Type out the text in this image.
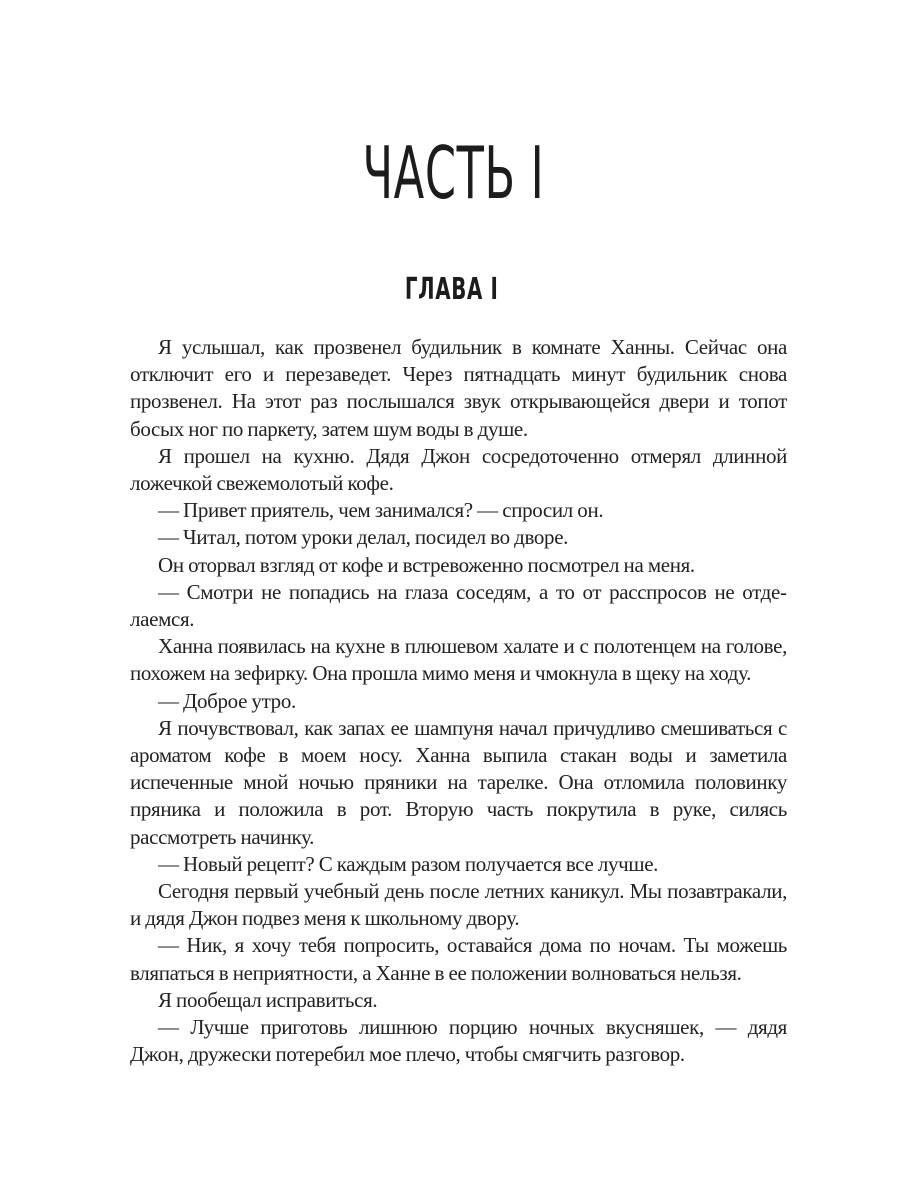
ЧАСТЬ I
ГЛАВА I

Я услышал, как прозвенел будильник в комнате Ханны. Сейчас она отключит его и перезаведет. Через пятнадцать минут будильник снова прозвенел. На этот раз послышался звук открывающейся двери и топот босых ног по паркету, затем шум воды в душе.

Я прошел на кухню. Дядя Джон сосредоточенно отмерял длинной ложечкой свежемолотый кофе.

— Привет приятель, чем занимался? — спросил он.

— Читал, потом уроки делал, посидел во дворе.

Он оторвал взгляд от кофе и встревоженно посмотрел на меня.

— Смотри не попадись на глаза соседям, а то от расспросов не отделаемся.

Ханна появилась на кухне в плюшевом халате и с полотенцем на голове, похожем на зефирку. Она прошла мимо меня и чмокнула в щеку на ходу.

— Доброе утро.

Я почувствовал, как запах ее шампуня начал причудливо смешиваться с ароматом кофе в моем носу. Ханна выпила стакан воды и заметила испеченные мной ночью пряники на тарелке. Она отломила половинку пряника и положила в рот. Вторую часть покрутила в руке, силясь рассмотреть начинку.

— Новый рецепт? С каждым разом получается все лучше.

Сегодня первый учебный день после летних каникул. Мы позавтракали, и дядя Джон подвез меня к школьному двору.

— Ник, я хочу тебя попросить, оставайся дома по ночам. Ты можешь вляпаться в неприятности, а Ханне в ее положении волноваться нельзя.

Я пообещал исправиться.

— Лучше приготовь лишнюю порцию ночных вкусняшек, — дядя Джон, дружески потеребил мое плечо, чтобы смягчить разговор.
